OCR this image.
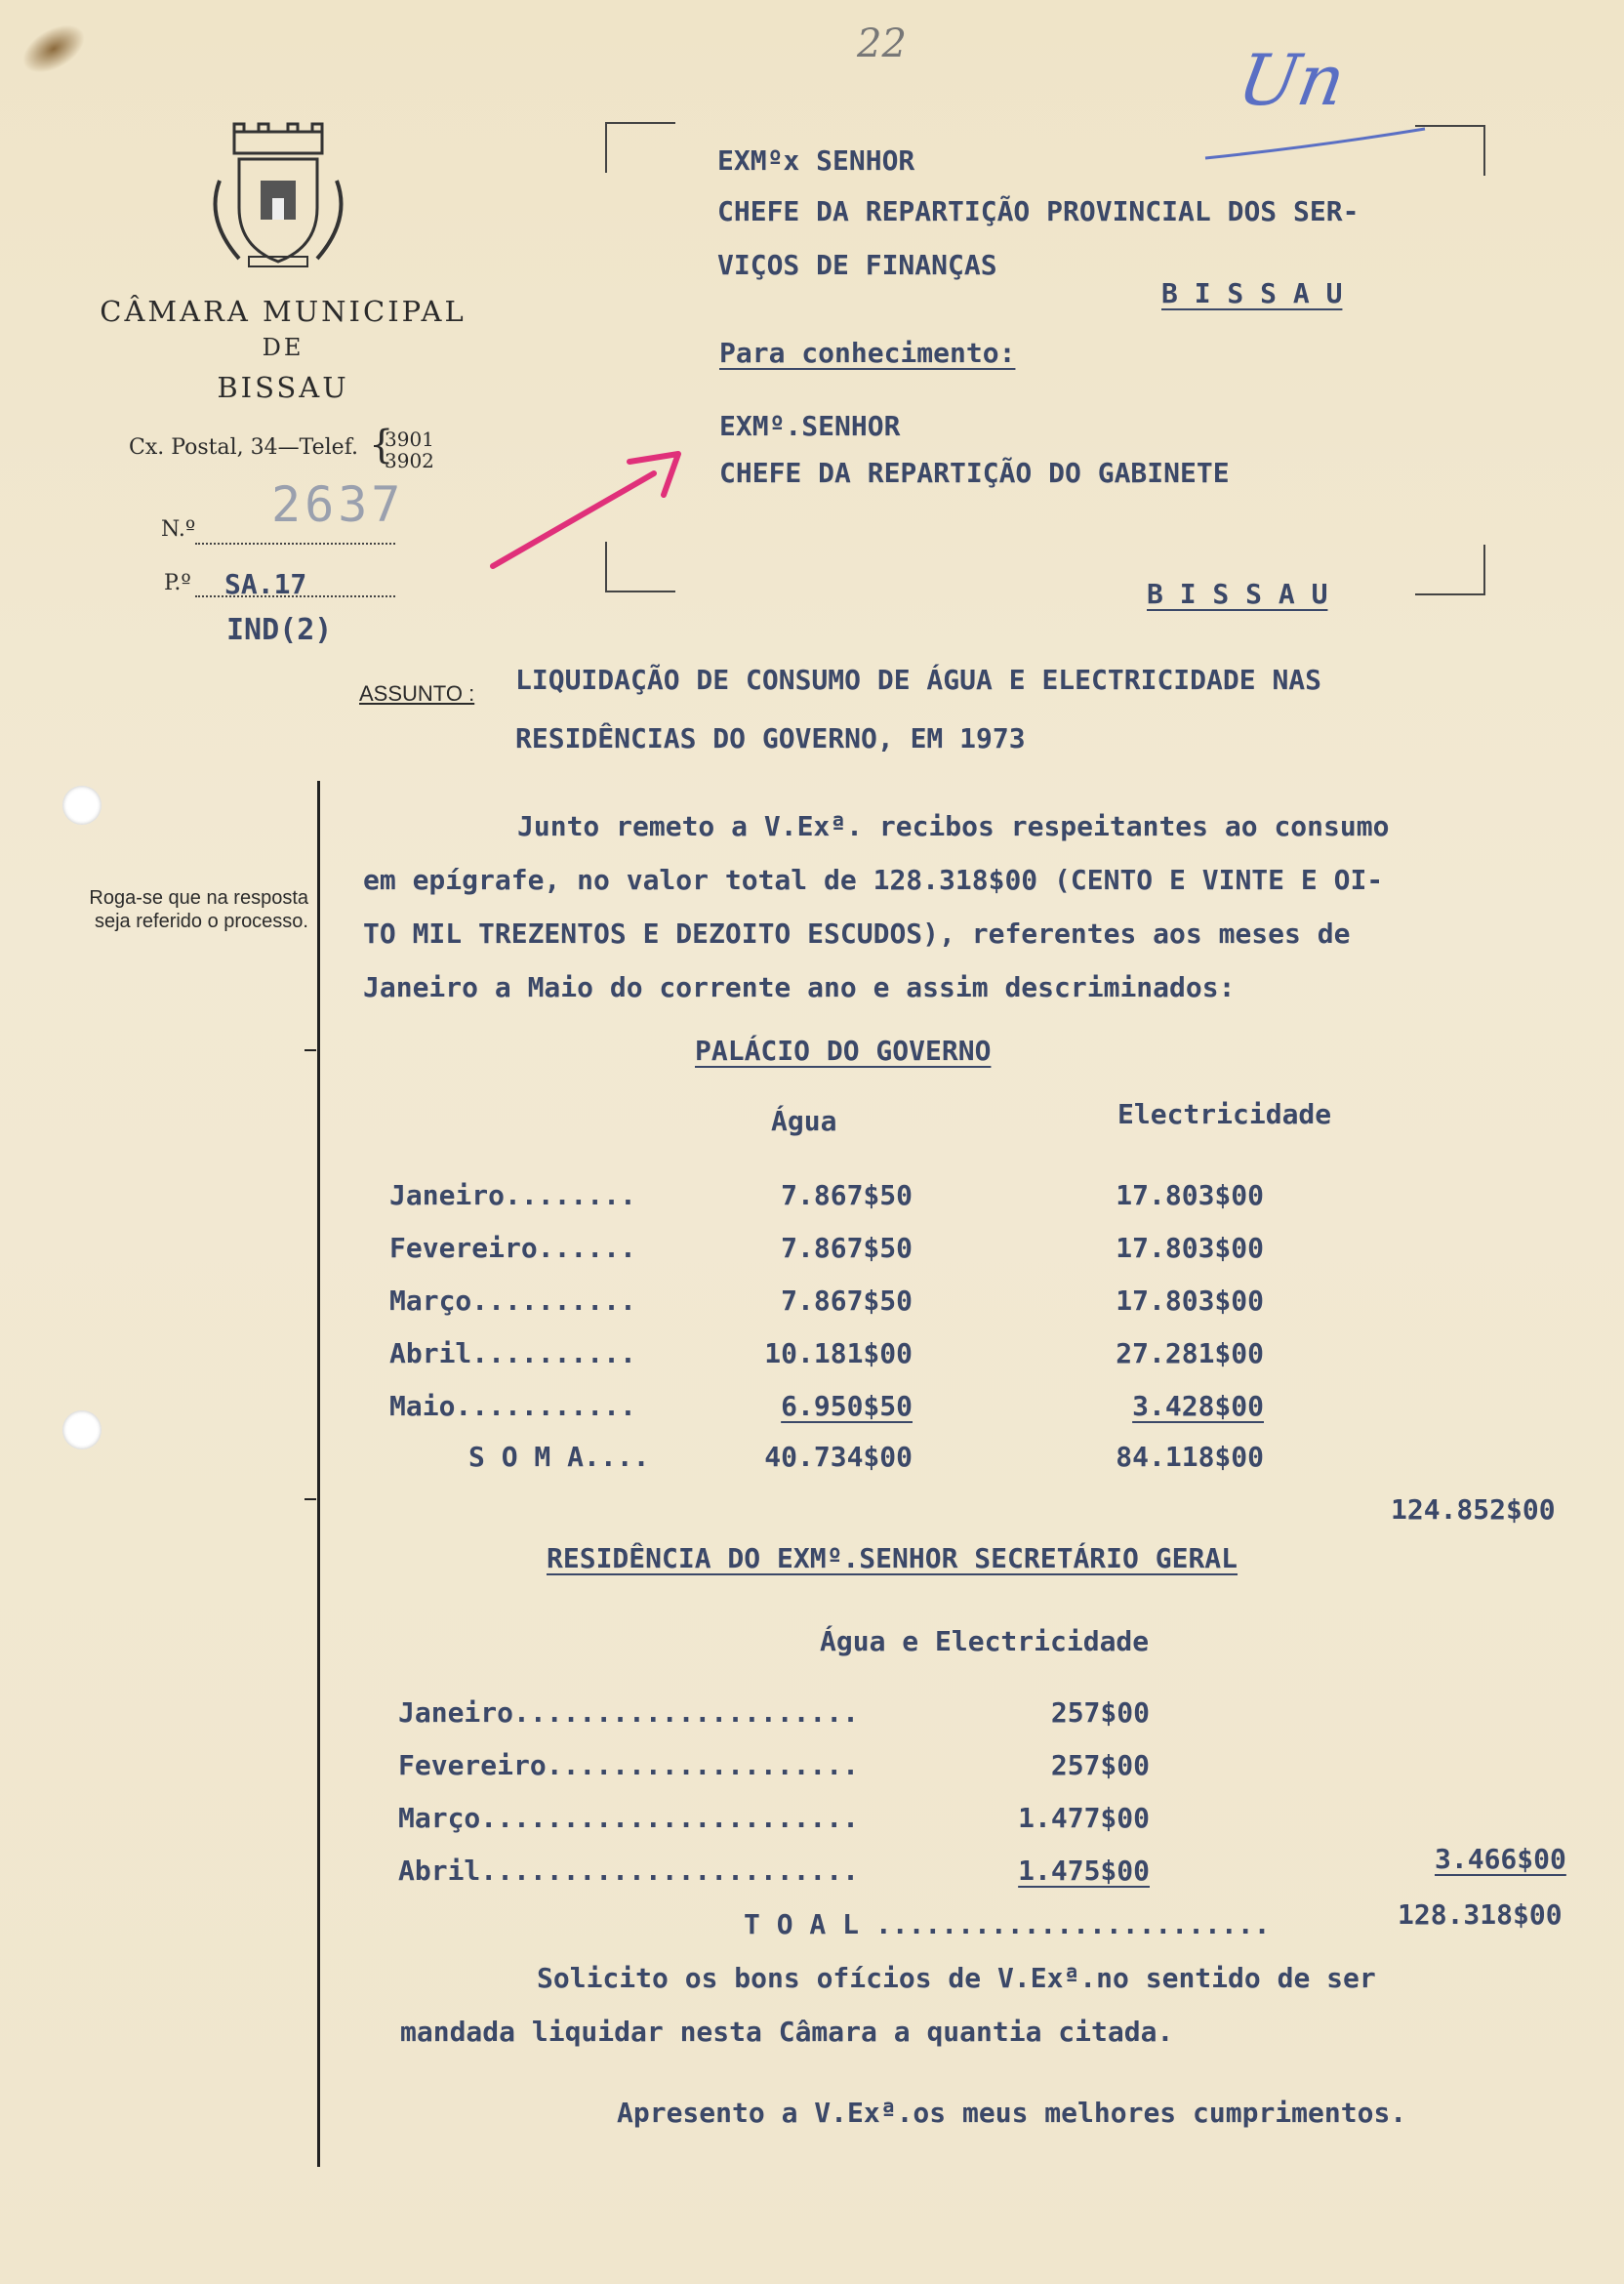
22	Un
CÂMARA MUNICIPAL
DE
BISSAU
Cx. Postal, 34—Telef. {
3901
3902
N.º 2637
P.º SA.17
IND(2)
Roga-se que na resposta seja referido o processo.
EXMºx SENHOR
CHEFE DA REPARTIÇÃO PROVINCIAL DOS SER-
VIÇOS DE FINANÇAS
B I S S A U
Para conhecimento:
EXMº.SENHOR
CHEFE DA REPARTIÇÃO DO GABINETE
B I S S A U
ASSUNTO : LIQUIDAÇÃO DE CONSUMO DE ÁGUA E ELECTRICIDADE NAS
RESIDÊNCIAS DO GOVERNO, EM 1973
Junto remeto a V.Exª. recibos respeitantes ao consumo
em epígrafe, no valor total de 128.318$00 (CENTO E VINTE E OI-
TO MIL TREZENTOS E DEZOITO ESCUDOS), referentes aos meses de
Janeiro a Maio do corrente ano e assim descriminados:
PALÁCIO DO GOVERNO
Água	Electricidade
Janeiro........	7.867$50	17.803$00
Fevereiro......	7.867$50	17.803$00
Março..........	7.867$50	17.803$00
Abril..........	10.181$00	27.281$00
Maio...........	6.950$50	3.428$00
S O M A....	40.734$00	84.118$00
124.852$00
RESIDÊNCIA DO EXMº.SENHOR SECRETÁRIO GERAL
Água e Electricidade
Janeiro.....................	257$00
Fevereiro...................	257$00
Março.......................	1.477$00
Abril.......................	1.475$00	3.466$00
T O A L ........................	128.318$00
Solicito os bons ofícios de V.Exª.no sentido de ser
mandada liquidar nesta Câmara a quantia citada.
Apresento a V.Exª.os meus melhores cumprimentos.
